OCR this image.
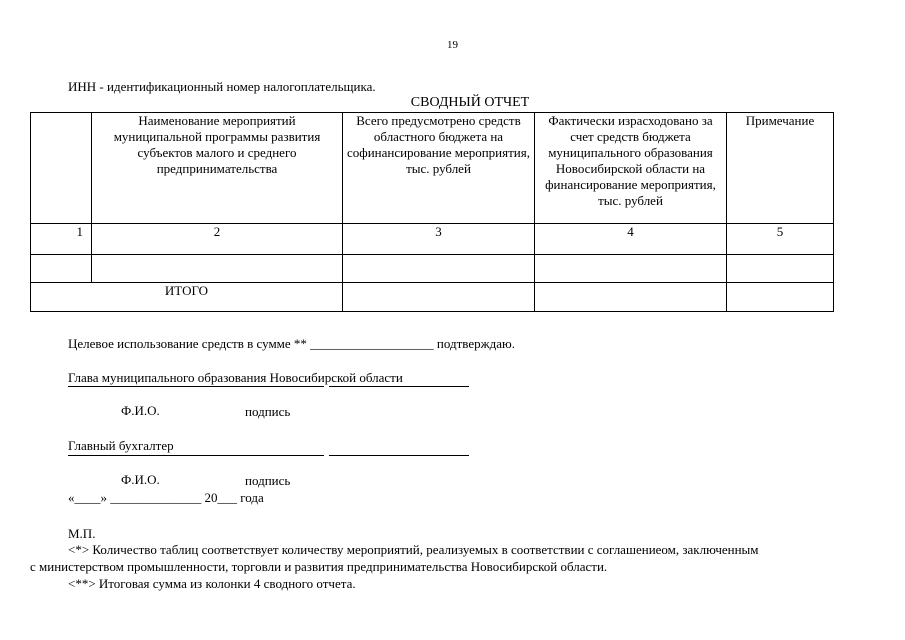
19
ИНН - идентификационный номер налогоплательщика.
СВОДНЫЙ ОТЧЕТ
	Наименование мероприятий муниципальной программы развития субъектов малого и среднего предпринимательства	Всего предусмотрено средств областного бюджета на софинансирование мероприятия, тыс. рублей	Фактически израсходовано за счет средств бюджета муниципального образования Новосибирской области на финансирование мероприятия, тыс. рублей	Примечание
1	2	3	4	5

ИТОГО				
Целевое использование средств в сумме ** ___________________ подтверждаю.
Глава муниципального образования Новосибирской области
Ф.И.О.	подпись
Главный бухгалтер
Ф.И.О.	подпись
«____» ______________ 20___ года
М.П.
<*> Количество таблиц соответствует количеству мероприятий, реализуемых в соответствии с соглашениеом, заключенным
с министерством промышленности, торговли и развития предпринимательства Новосибирской области.
<**> Итоговая сумма из колонки 4 сводного отчета.
